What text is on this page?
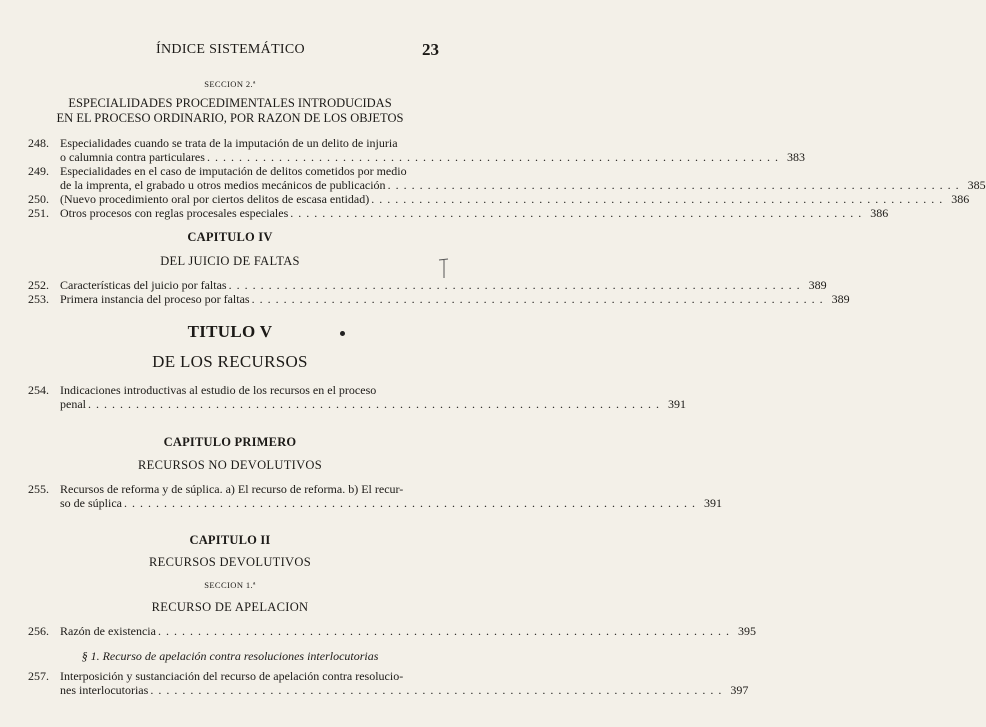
ÍNDICE SISTEMÁTICO	23
SECCION 2.ª
ESPECIALIDADES PROCEDIMENTALES INTRODUCIDAS
EN EL PROCESO ORDINARIO, POR RAZON DE LOS OBJETOS
248. Especialidades cuando se trata de la imputación de un delito de injuria
o calumnia contra particulares . . .	383
249. Especialidades en el caso de imputación de delitos cometidos por medio
de la imprenta, el grabado u otros medios mecánicos de publicación . . .	385
250. (Nuevo procedimiento oral por ciertos delitos de escasa entidad) . . .	386
251. Otros procesos con reglas procesales especiales . . .	386
CAPITULO IV
DEL JUICIO DE FALTAS
252. Características del juicio por faltas . . .	389
253. Primera instancia del proceso por faltas . . .	389
TITULO V
DE LOS RECURSOS
254. Indicaciones introductivas al estudio de los recursos en el proceso
penal . . .	391
CAPITULO PRIMERO
RECURSOS NO DEVOLUTIVOS
255. Recursos de reforma y de súplica. a) El recurso de reforma. b) El recur-
so de súplica . . .	391
CAPITULO II
RECURSOS DEVOLUTIVOS
SECCION 1.ª
RECURSO DE APELACION
256. Razón de existencia . . .	395
§ 1. Recurso de apelación contra resoluciones interlocutorias
257. Interposición y sustanciación del recurso de apelación contra resolucio-
nes interlocutorias . . .	397
